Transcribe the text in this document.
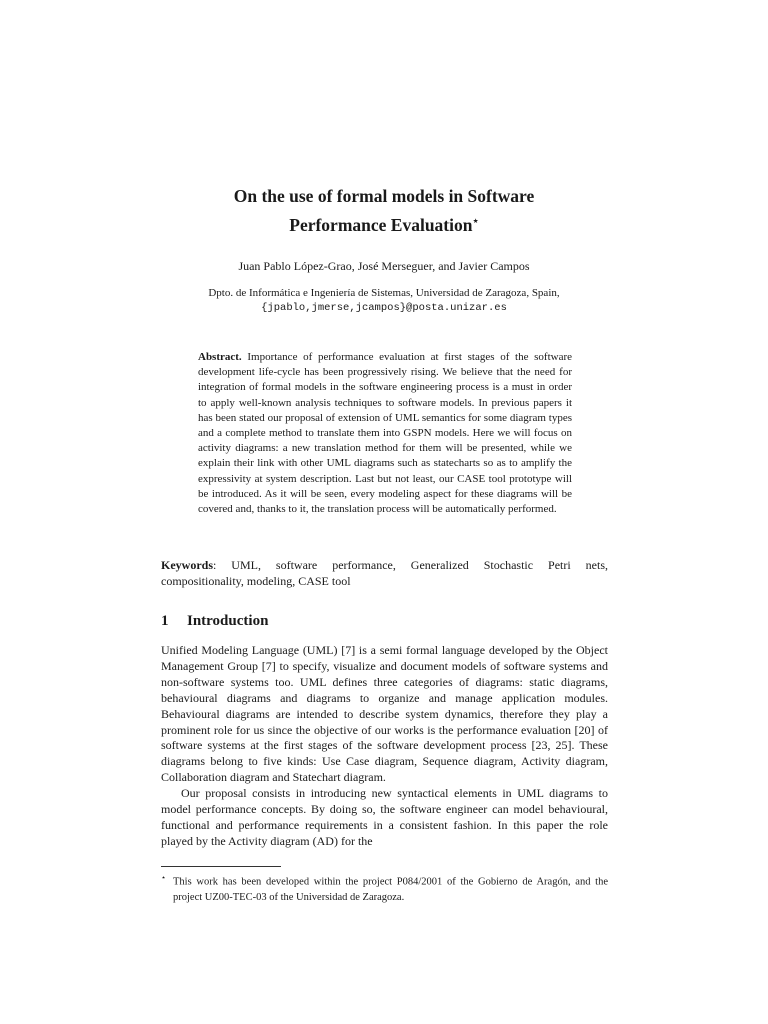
On the use of formal models in Software
Performance Evaluation⋆
Juan Pablo López-Grao, José Merseguer, and Javier Campos
Dpto. de Informática e Ingeniería de Sistemas, Universidad de Zaragoza, Spain,
{jpablo,jmerse,jcampos}@posta.unizar.es

Abstract. Importance of performance evaluation at first stages of the software development life-cycle has been progressively rising. We believe that the need for integration of formal models in the software engineering process is a must in order to apply well-known analysis techniques to software models. In previous papers it has been stated our proposal of extension of UML semantics for some diagram types and a complete method to translate them into GSPN models. Here we will focus on activity diagrams: a new translation method for them will be presented, while we explain their link with other UML diagrams such as statecharts so as to amplify the expressivity at system description. Last but not least, our CASE tool prototype will be introduced. As it will be seen, every modeling aspect for these diagrams will be covered and, thanks to it, the translation process will be automatically performed.

Keywords: UML, software performance, Generalized Stochastic Petri nets, compositionality, modeling, CASE tool

1 Introduction

Unified Modeling Language (UML) [7] is a semi formal language developed by the Object Management Group [7] to specify, visualize and document models of software systems and non-software systems too. UML defines three categories of diagrams: static diagrams, behavioural diagrams and diagrams to organize and manage application modules. Behavioural diagrams are intended to describe system dynamics, therefore they play a prominent role for us since the objective of our works is the performance evaluation [20] of software systems at the first stages of the software development process [23, 25]. These diagrams belong to five kinds: Use Case diagram, Sequence diagram, Activity diagram, Collaboration diagram and Statechart diagram.

Our proposal consists in introducing new syntactical elements in UML diagrams to model performance concepts. By doing so, the software engineer can model behavioural, functional and performance requirements in a consistent fashion. In this paper the role played by the Activity diagram (AD) for the

⋆ This work has been developed within the project P084/2001 of the Gobierno de Aragón, and the project UZ00-TEC-03 of the Universidad de Zaragoza.
